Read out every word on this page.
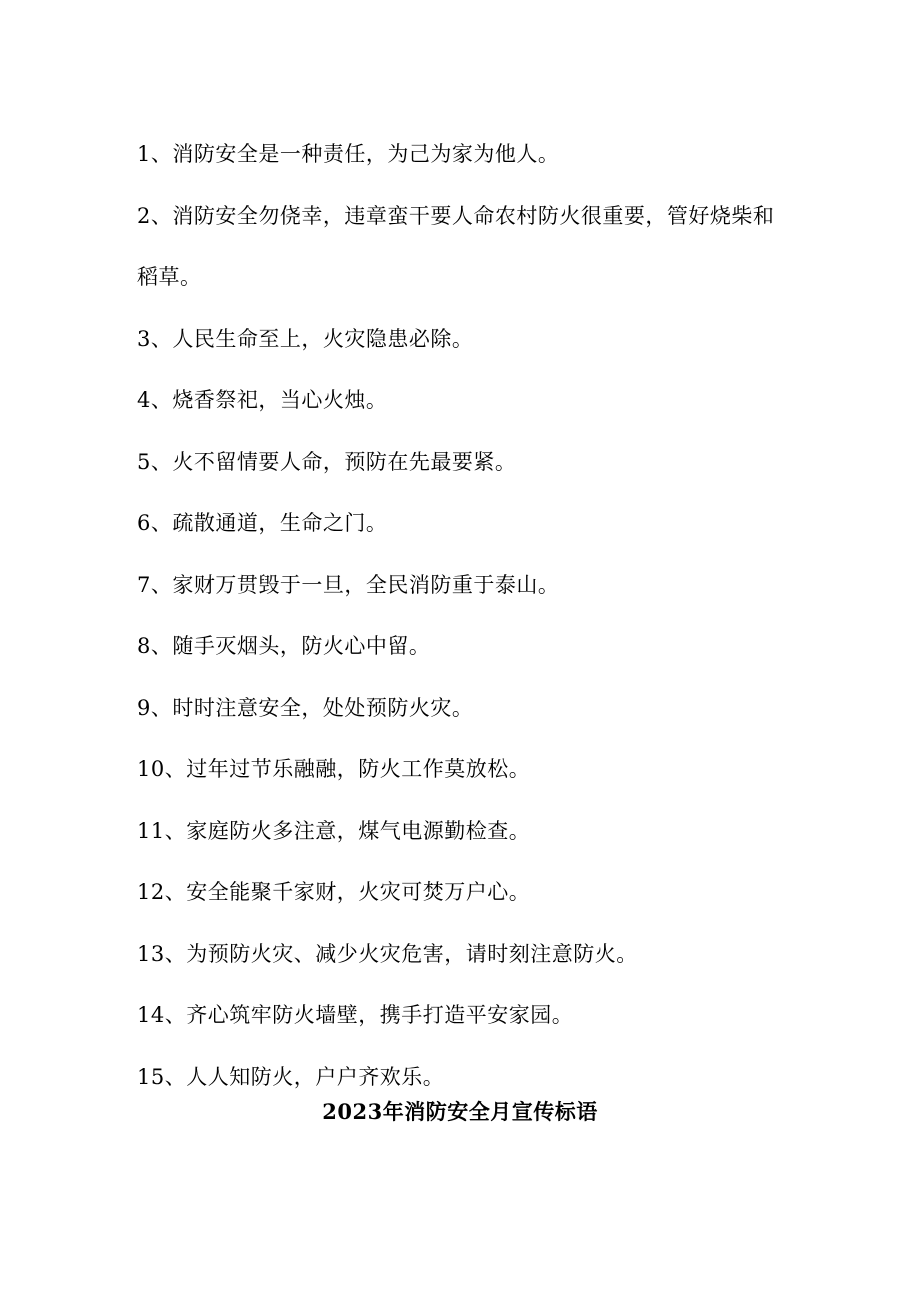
1、消防安全是一种责任，为己为家为他人。
2、消防安全勿侥幸，违章蛮干要人命农村防火很重要，管好烧柴和稻草。
3、人民生命至上，火灾隐患必除。
4、烧香祭祀，当心火烛。
5、火不留情要人命，预防在先最要紧。
6、疏散通道，生命之门。
7、家财万贯毁于一旦，全民消防重于泰山。
8、随手灭烟头，防火心中留。
9、时时注意安全，处处预防火灾。
10、过年过节乐融融，防火工作莫放松。
11、家庭防火多注意，煤气电源勤检查。
12、安全能聚千家财，火灾可焚万户心。
13、为预防火灾、减少火灾危害，请时刻注意防火。
14、齐心筑牢防火墙壁，携手打造平安家园。
15、人人知防火，户户齐欢乐。
2023年消防安全月宣传标语
